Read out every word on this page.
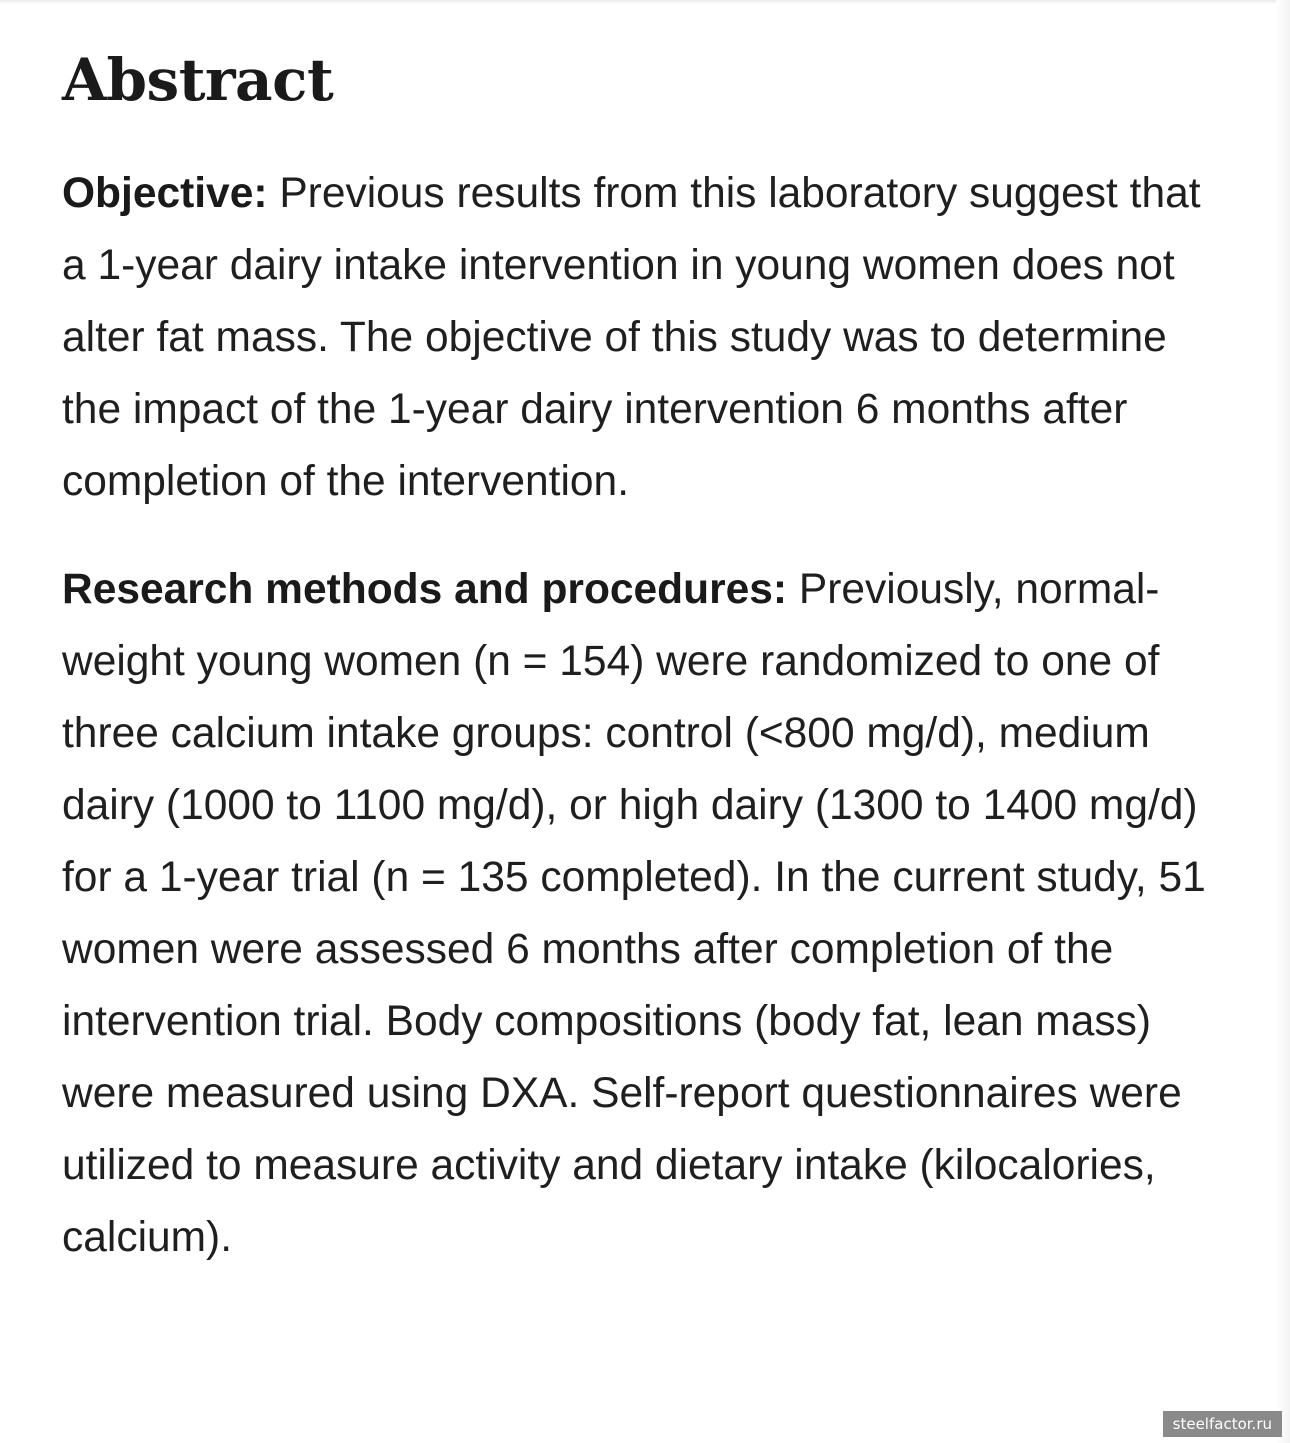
Abstract

Objective: Previous results from this laboratory suggest that a 1-year dairy intake intervention in young women does not alter fat mass. The objective of this study was to determine the impact of the 1-year dairy intervention 6 months after completion of the intervention.

Research methods and procedures: Previously, normal-weight young women (n = 154) were randomized to one of three calcium intake groups: control (<800 mg/d), medium dairy (1000 to 1100 mg/d), or high dairy (1300 to 1400 mg/d) for a 1-year trial (n = 135 completed). In the current study, 51 women were assessed 6 months after completion of the intervention trial. Body compositions (body fat, lean mass) were measured using DXA. Self-report questionnaires were utilized to measure activity and dietary intake (kilocalories, calcium).

steelfactor.ru
